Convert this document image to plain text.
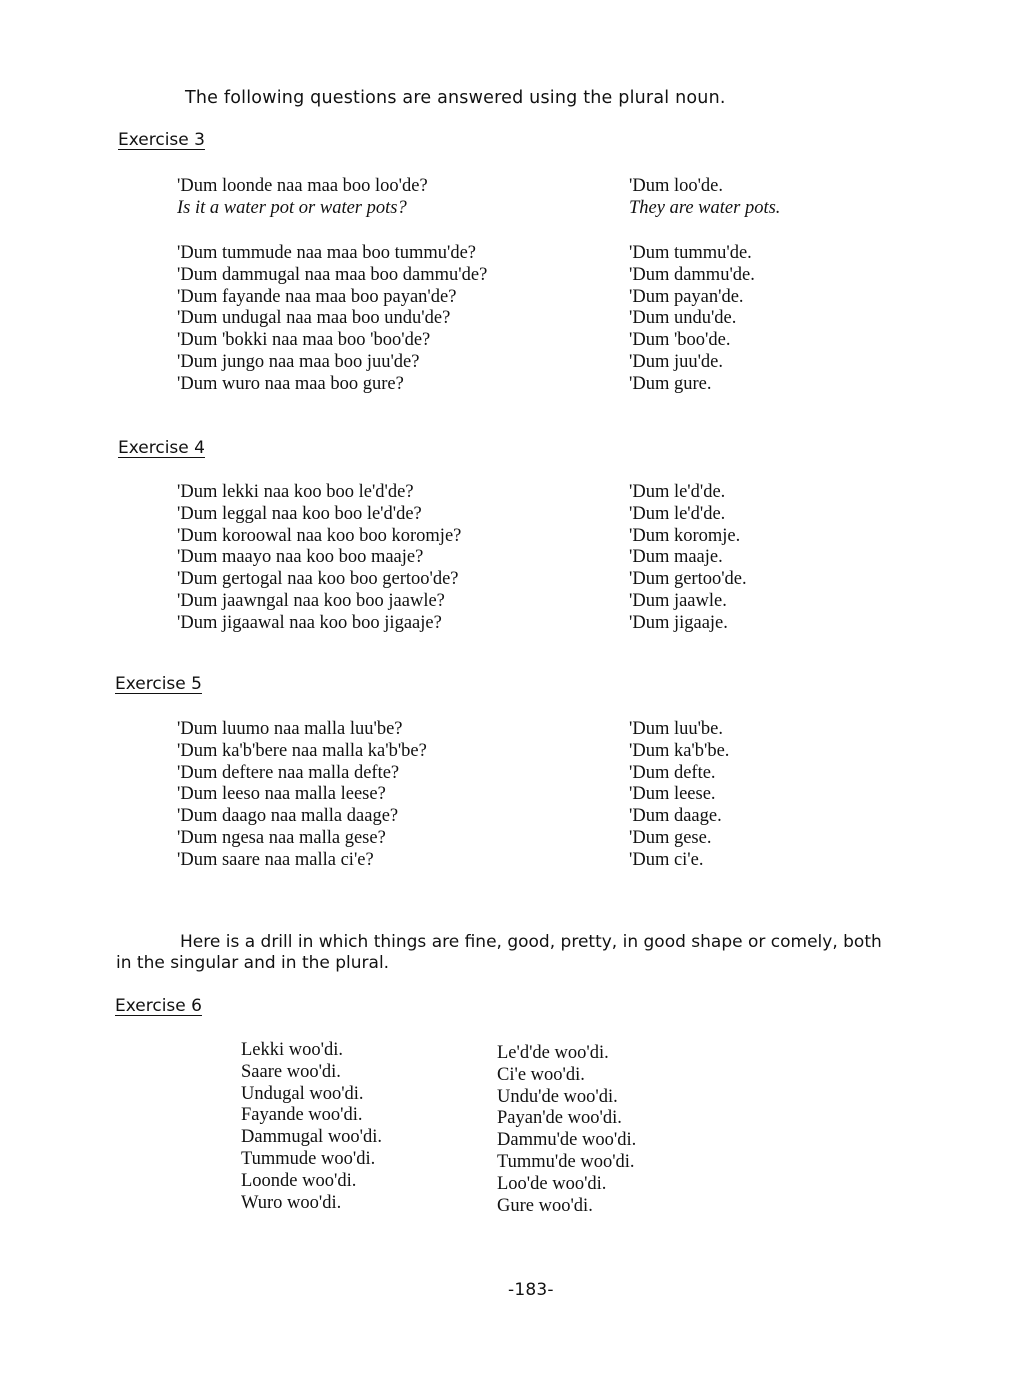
The following questions are answered using the plural noun.

Exercise 3

'Dum loonde naa maa boo loo'de?
Is it a water pot or water pots?
'Dum loo'de.
They are water pots.
'Dum tummude naa maa boo tummu'de?
'Dum dammugal naa maa boo dammu'de?
'Dum fayande naa maa boo payan'de?
'Dum undugal naa maa boo undu'de?
'Dum 'bokki naa maa boo 'boo'de?
'Dum jungo naa maa boo juu'de?
'Dum wuro naa maa boo gure?
'Dum tummu'de.
'Dum dammu'de.
'Dum payan'de.
'Dum undu'de.
'Dum 'boo'de.
'Dum juu'de.
'Dum gure.

Exercise 4

'Dum lekki naa koo boo le'd'de?
'Dum leggal naa koo boo le'd'de?
'Dum koroowal naa koo boo koromje?
'Dum maayo naa koo boo maaje?
'Dum gertogal naa koo boo gertoo'de?
'Dum jaawngal naa koo boo jaawle?
'Dum jigaawal naa koo boo jigaaje?
'Dum le'd'de.
'Dum le'd'de.
'Dum koromje.
'Dum maaje.
'Dum gertoo'de.
'Dum jaawle.
'Dum jigaaje.

Exercise 5

'Dum luumo naa malla luu'be?
'Dum ka'b'bere naa malla ka'b'be?
'Dum deftere naa malla defte?
'Dum leeso naa malla leese?
'Dum daago naa malla daage?
'Dum ngesa naa malla gese?
'Dum saare naa malla ci'e?
'Dum luu'be.
'Dum ka'b'be.
'Dum defte.
'Dum leese.
'Dum daage.
'Dum gese.
'Dum ci'e.

Here is a drill in which things are fine, good, pretty, in good shape or comely, both
in the singular and in the plural.

Exercise 6

Lekki woo'di.
Saare woo'di.
Undugal woo'di.
Fayande woo'di.
Dammugal woo'di.
Tummude woo'di.
Loonde woo'di.
Wuro woo'di.
Le'd'de woo'di.
Ci'e woo'di.
Undu'de woo'di.
Payan'de woo'di.
Dammu'de woo'di.
Tummu'de woo'di.
Loo'de woo'di.
Gure woo'di.

-183-
